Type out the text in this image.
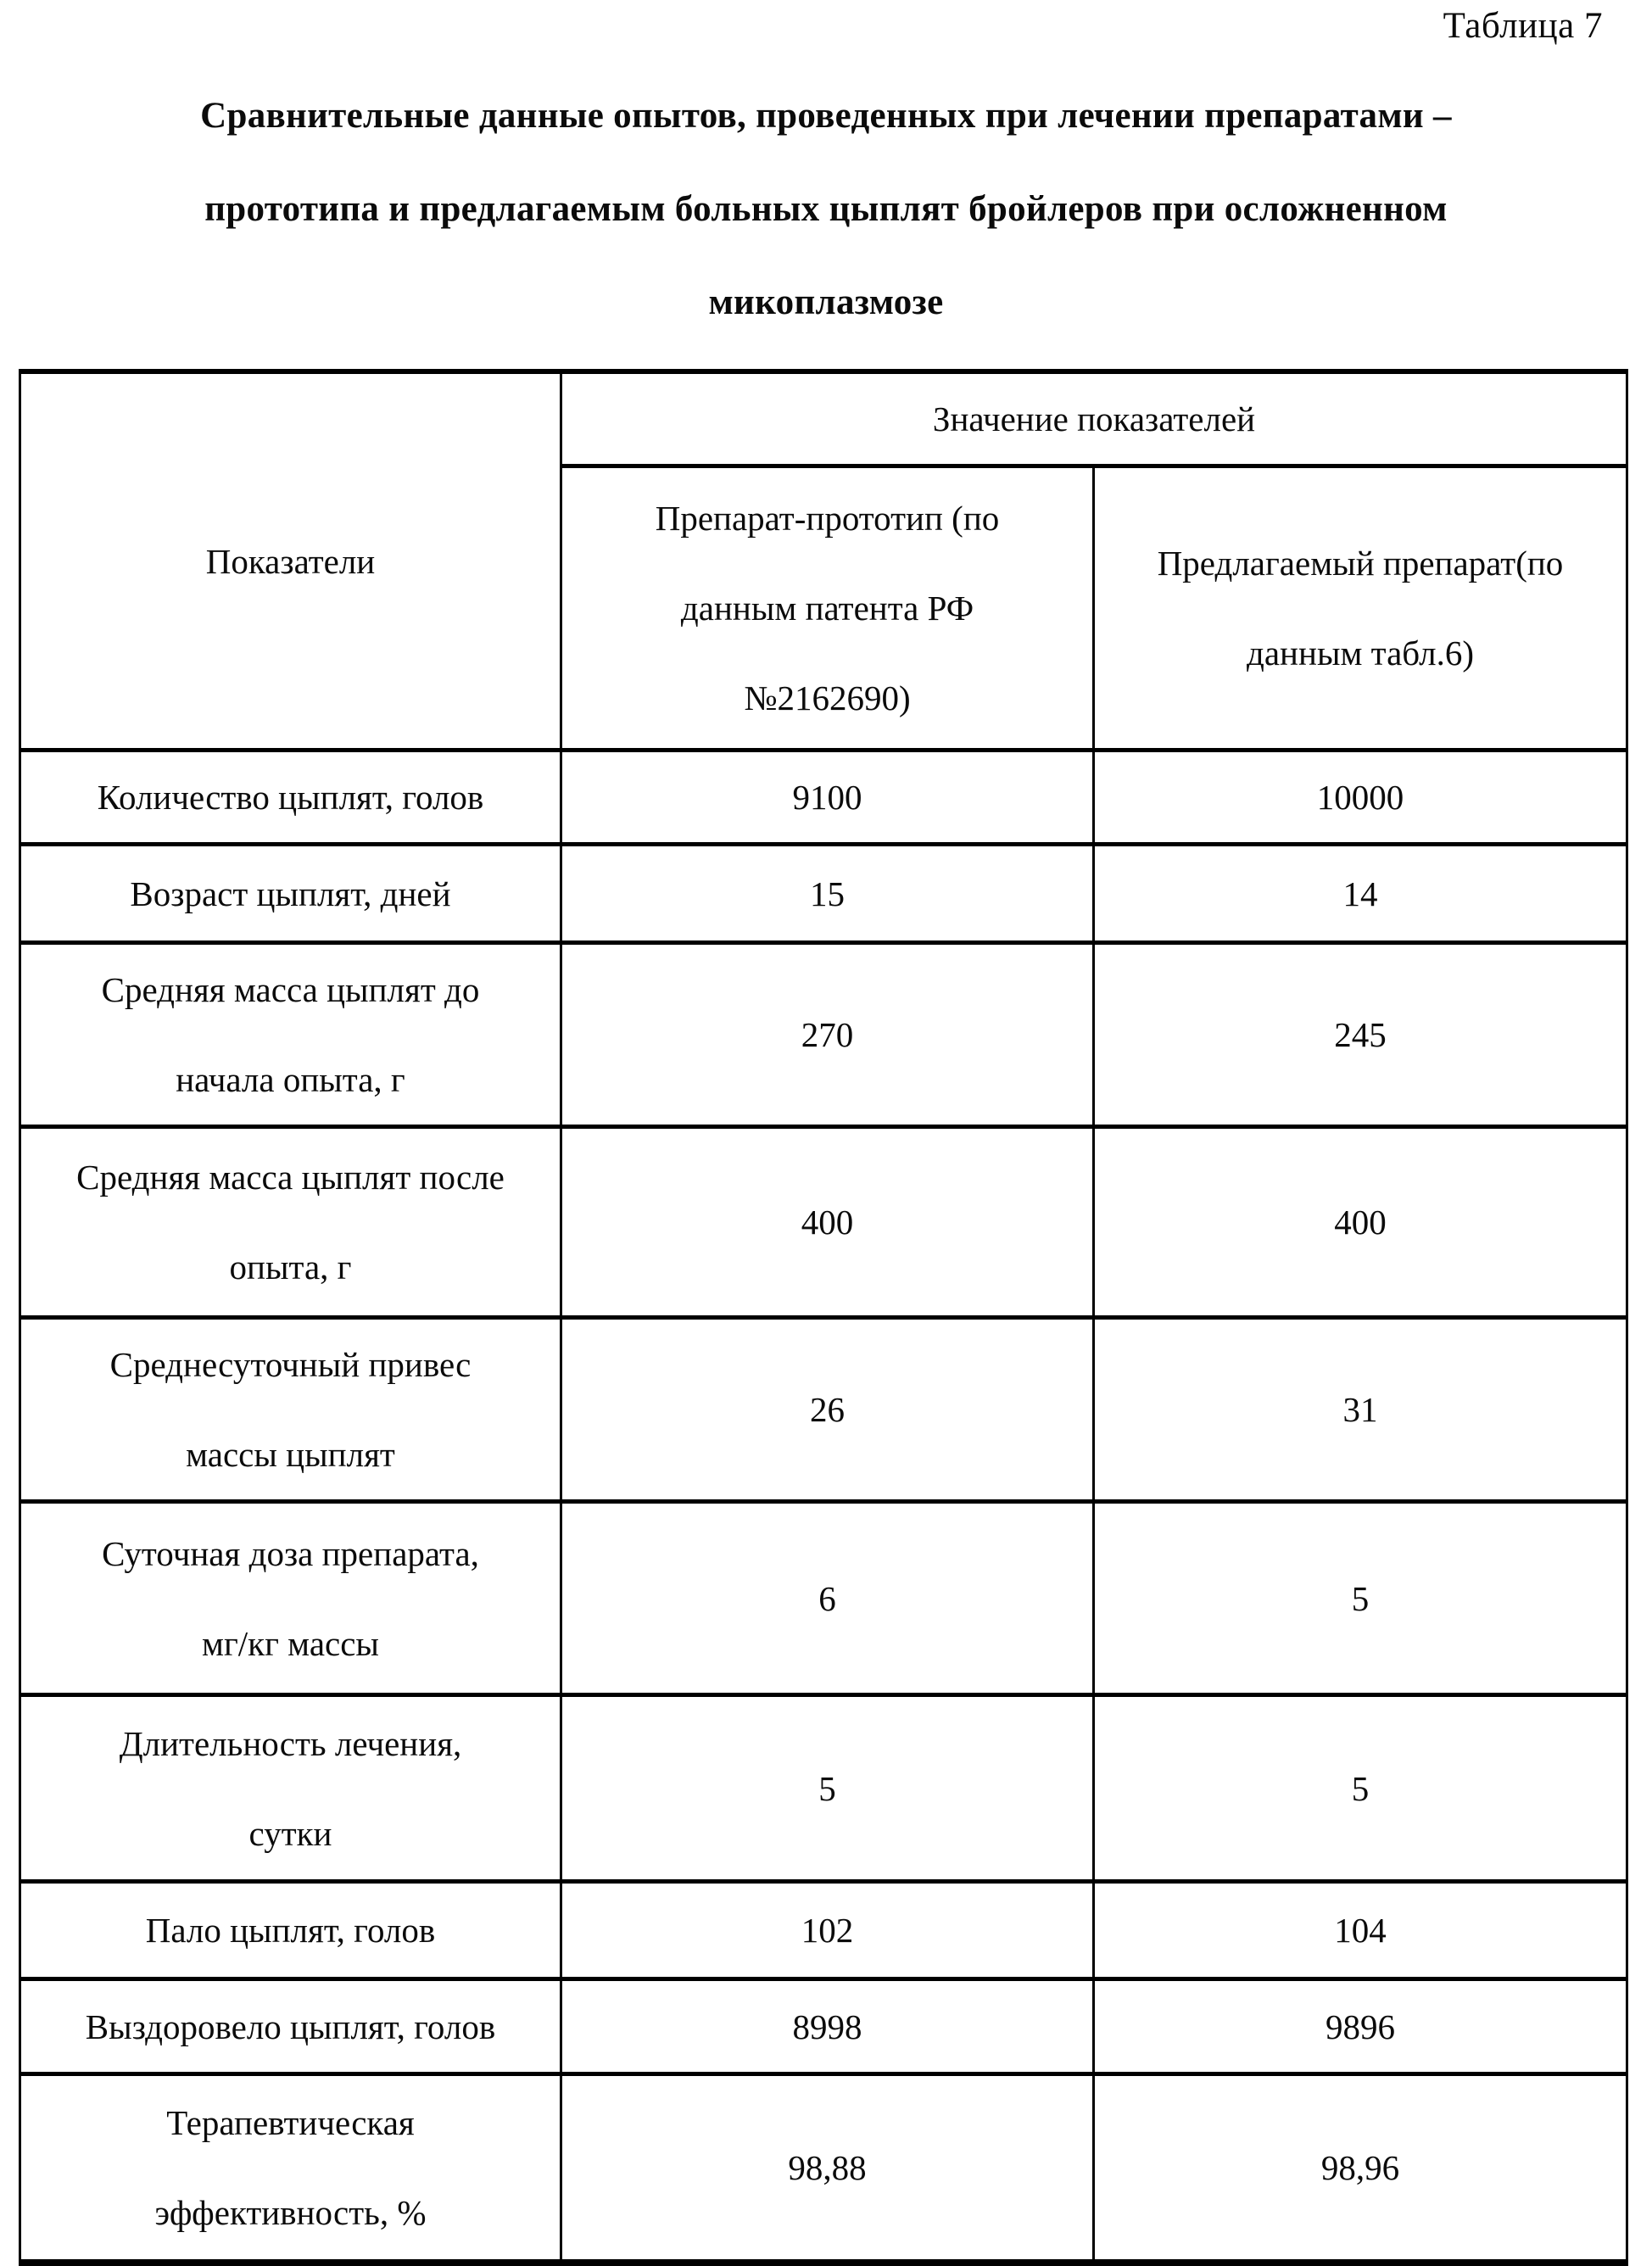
Таблица 7
Сравнительные данные опытов, проведенных при лечении препаратами –
прототипа и предлагаемым больных цыплят бройлеров при осложненном
микоплазмозе
Показатели	Значение показателей	

	Препарат-прототип (по
данным патента РФ
№2162690)	Предлагаемый препарат(по
данным табл.6)

Количество цыплят, голов	9100	10000

Возраст цыплят, дней	15	14

Средняя масса цыплят до
начала опыта, г	270	245

Средняя масса цыплят после
опыта, г	400	400

Среднесуточный привес
массы цыплят	26	31

Суточная доза препарата,
мг/кг массы	6	5

Длительность лечения,
сутки	5	5

Пало цыплят, голов	102	104

Выздоровело цыплят, голов	8998	9896

Терапевтическая
эффективность, %	98,88	98,96
